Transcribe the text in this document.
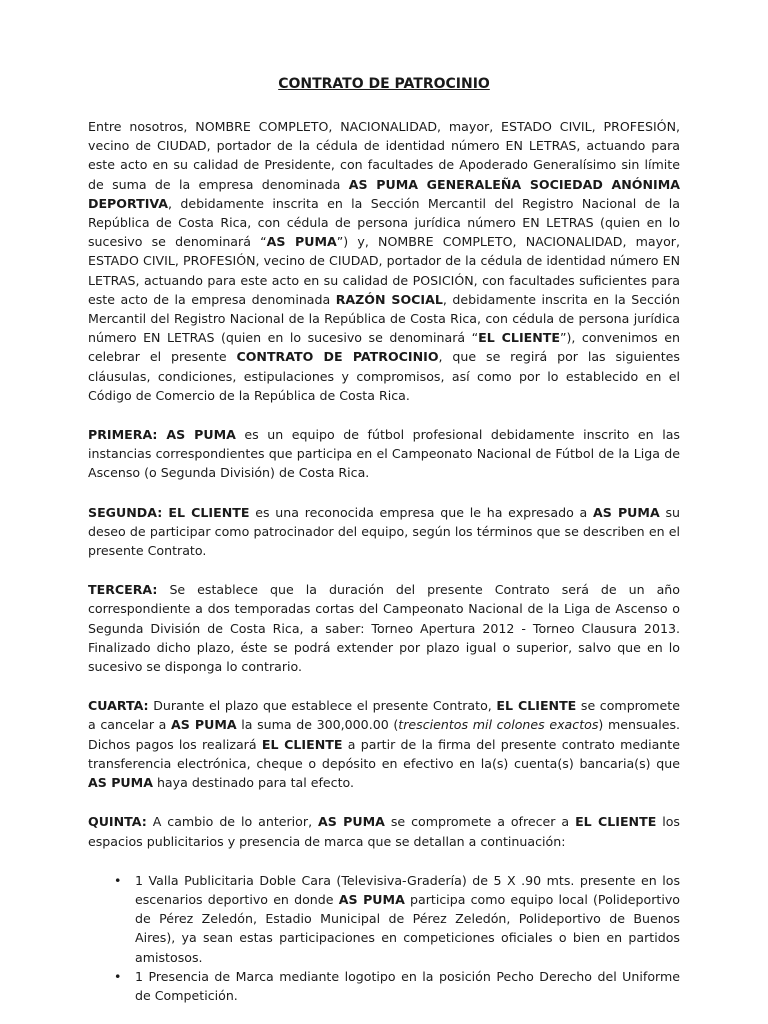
CONTRATO DE PATROCINIO

Entre nosotros, NOMBRE COMPLETO, NACIONALIDAD, mayor, ESTADO CIVIL, PROFESIÓN, vecino de CIUDAD, portador de la cédula de identidad número EN LETRAS, actuando para este acto en su calidad de Presidente, con facultades de Apoderado Generalísimo sin límite de suma de la empresa denominada AS PUMA GENERALEÑA SOCIEDAD ANÓNIMA DEPORTIVA, debidamente inscrita en la Sección Mercantil del Registro Nacional de la República de Costa Rica, con cédula de persona jurídica número EN LETRAS (quien en lo sucesivo se denominará “AS PUMA”) y, NOMBRE COMPLETO, NACIONALIDAD, mayor, ESTADO CIVIL, PROFESIÓN, vecino de CIUDAD, portador de la cédula de identidad número EN LETRAS, actuando para este acto en su calidad de POSICIÓN, con facultades suficientes para este acto de la empresa denominada RAZÓN SOCIAL, debidamente inscrita en la Sección Mercantil del Registro Nacional de la República de Costa Rica, con cédula de persona jurídica número EN LETRAS (quien en lo sucesivo se denominará “EL CLIENTE”), convenimos en celebrar el presente CONTRATO DE PATROCINIO, que se regirá por las siguientes cláusulas, condiciones, estipulaciones y compromisos, así como por lo establecido en el Código de Comercio de la República de Costa Rica.

PRIMERA: AS PUMA es un equipo de fútbol profesional debidamente inscrito en las instancias correspondientes que participa en el Campeonato Nacional de Fútbol de la Liga de Ascenso (o Segunda División) de Costa Rica.

SEGUNDA: EL CLIENTE es una reconocida empresa que le ha expresado a AS PUMA su deseo de participar como patrocinador del equipo, según los términos que se describen en el presente Contrato.

TERCERA: Se establece que la duración del presente Contrato será de un año correspondiente a dos temporadas cortas del Campeonato Nacional de la Liga de Ascenso o Segunda División de Costa Rica, a saber: Torneo Apertura 2012 - Torneo Clausura 2013. Finalizado dicho plazo, éste se podrá extender por plazo igual o superior, salvo que en lo sucesivo se disponga lo contrario.

CUARTA: Durante el plazo que establece el presente Contrato, EL CLIENTE se compromete a cancelar a AS PUMA la suma de 300,000.00 (trescientos mil colones exactos) mensuales. Dichos pagos los realizará EL CLIENTE a partir de la firma del presente contrato mediante transferencia electrónica, cheque o depósito en efectivo en la(s) cuenta(s) bancaria(s) que AS PUMA haya destinado para tal efecto.

QUINTA: A cambio de lo anterior, AS PUMA se compromete a ofrecer a EL CLIENTE los espacios publicitarios y presencia de marca que se detallan a continuación:

• 1 Valla Publicitaria Doble Cara (Televisiva-Gradería) de 5 X .90 mts. presente en los escenarios deportivo en donde AS PUMA participa como equipo local (Polideportivo de Pérez Zeledón, Estadio Municipal de Pérez Zeledón, Polideportivo de Buenos Aires), ya sean estas participaciones en competiciones oficiales o bien en partidos amistosos.
• 1 Presencia de Marca mediante logotipo en la posición Pecho Derecho del Uniforme de Competición.
